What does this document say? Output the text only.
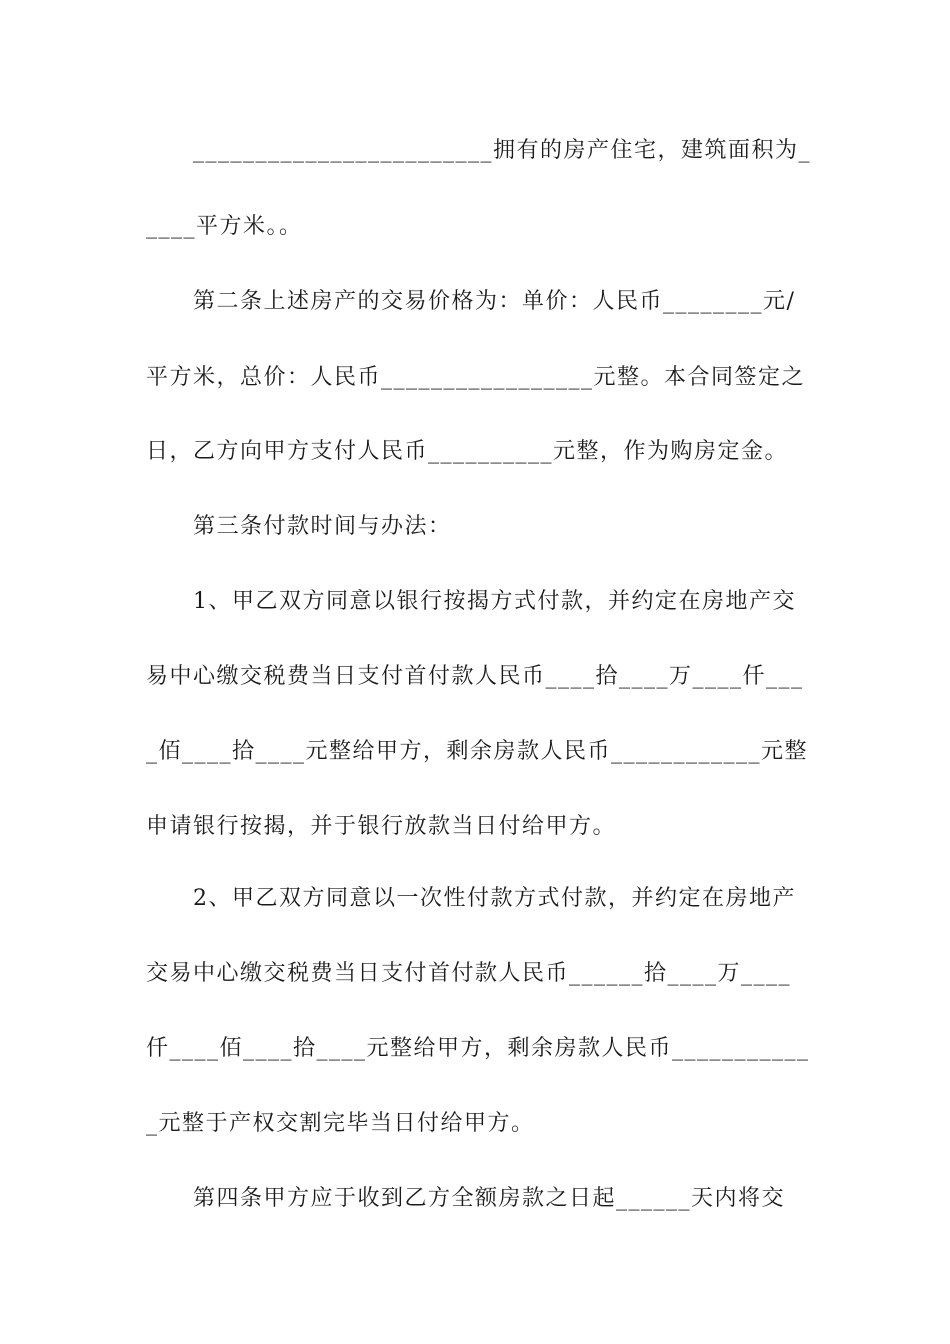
________________________拥有的房产住宅，建筑面积为_
____平方米。。
第二条上述房产的交易价格为：单价：人民币________元/
平方米，总价：人民币_________________元整。本合同签定之
日，乙方向甲方支付人民币__________元整，作为购房定金。
第三条付款时间与办法：
1、甲乙双方同意以银行按揭方式付款，并约定在房地产交
易中心缴交税费当日支付首付款人民币____拾____万____仟___
_佰____拾____元整给甲方，剩余房款人民币____________元整
申请银行按揭，并于银行放款当日付给甲方。
2、甲乙双方同意以一次性付款方式付款，并约定在房地产
交易中心缴交税费当日支付首付款人民币______拾____万____
仟____佰____拾____元整给甲方，剩余房款人民币___________
_元整于产权交割完毕当日付给甲方。
第四条甲方应于收到乙方全额房款之日起______天内将交
